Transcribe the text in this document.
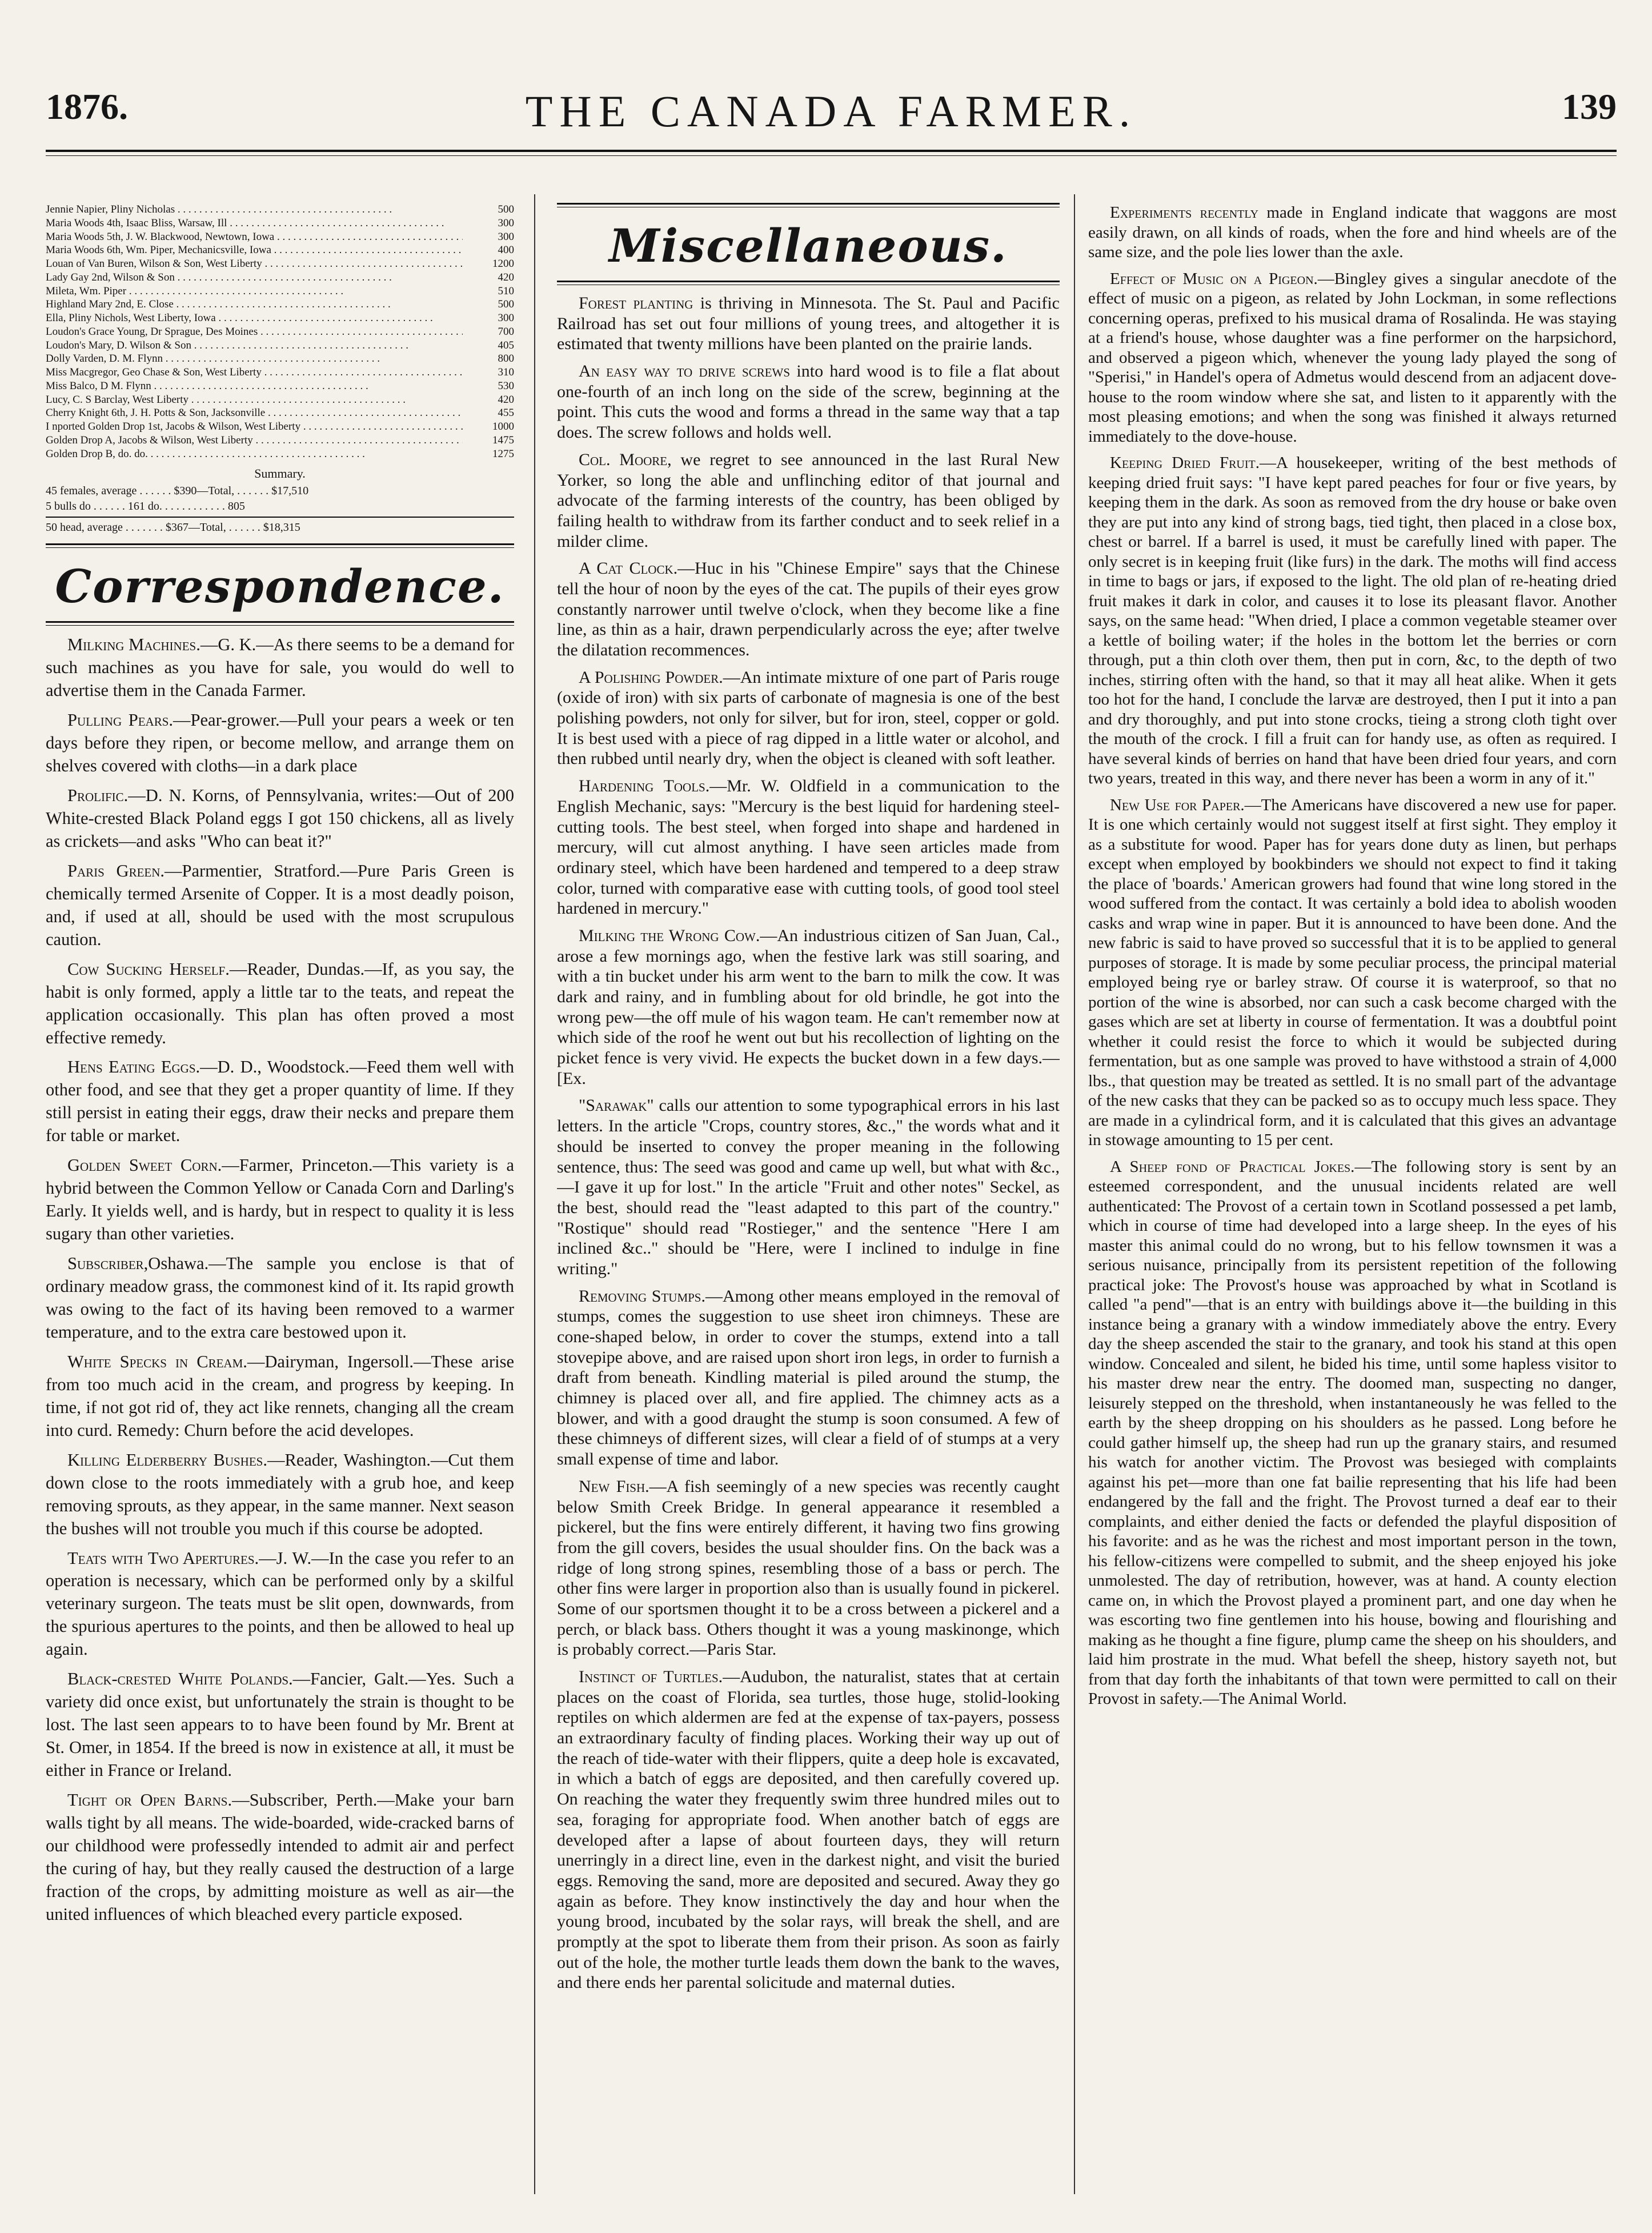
1876.	THE CANADA FARMER.	139
Jennie Napier, Pliny Nicholas . . .	500
Maria Woods 4th, Isaac Bliss, Warsaw, Ill . . .	300
Maria Woods 5th, J. W. Blackwood, Newtown, Iowa . . .	300
Maria Woods 6th, Wm. Piper, Mechanicsville, Iowa . . .	400
Louan of Van Buren, Wilson & Son, West Liberty . . .	1200
Lady Gay 2nd, Wilson & Son . . .	420
Mileta, Wm. Piper . . .	510
Highland Mary 2nd, E. Close . . .	500
Ella, Pliny Nichols, West Liberty, Iowa . . .	300
Loudon's Grace Young, Dr Sprague, Des Moines . . .	700
Loudon's Mary, D. Wilson & Son . . .	405
Dolly Varden, D. M. Flynn . . .	800
Miss Macgregor, Geo Chase & Son, West Liberty . . .	310
Miss Balco, D M. Flynn . . .	530
Lucy, C. S Barclay, West Liberty . . .	420
Cherry Knight 6th, J. H. Potts & Son, Jacksonville . . .	455
I nported Golden Drop 1st, Jacobs & Wilson, West Liberty . . .	1000
Golden Drop A, Jacobs & Wilson, West Liberty . . .	1475
Golden Drop B, do. do. . . .	1275
Summary.
45 females, average . . . . . . $390—Total, . . . . . . $17,510
5 bulls do . . . . . . 161 do. . . . . . . . . . . . 805
50 head, average . . . . . . . $367—Total, . . . . . . $18,315
Correspondence.

Milking Machines.—G. K.—As there seems to be a demand for such machines as you have for sale, you would do well to advertise them in the Canada Farmer.

Pulling Pears.—Pear-grower.—Pull your pears a week or ten days before they ripen, or become mellow, and arrange them on shelves covered with cloths—in a dark place

Prolific.—D. N. Korns, of Pennsylvania, writes:—Out of 200 White-crested Black Poland eggs I got 150 chickens, all as lively as crickets—and asks "Who can beat it?"

Paris Green.—Parmentier, Stratford.—Pure Paris Green is chemically termed Arsenite of Copper. It is a most deadly poison, and, if used at all, should be used with the most scrupulous caution.

Cow Sucking Herself.—Reader, Dundas.—If, as you say, the habit is only formed, apply a little tar to the teats, and repeat the application occasionally. This plan has often proved a most effective remedy.

Hens Eating Eggs.—D. D., Woodstock.—Feed them well with other food, and see that they get a proper quantity of lime. If they still persist in eating their eggs, draw their necks and prepare them for table or market.

Golden Sweet Corn.—Farmer, Princeton.—This variety is a hybrid between the Common Yellow or Canada Corn and Darling's Early. It yields well, and is hardy, but in respect to quality it is less sugary than other varieties.

Subscriber,Oshawa.—The sample you enclose is that of ordinary meadow grass, the commonest kind of it. Its rapid growth was owing to the fact of its having been removed to a warmer temperature, and to the extra care bestowed upon it.

White Specks in Cream.—Dairyman, Ingersoll.—These arise from too much acid in the cream, and progress by keeping. In time, if not got rid of, they act like rennets, changing all the cream into curd. Remedy: Churn before the acid developes.

Killing Elderberry Bushes.—Reader, Washington.—Cut them down close to the roots immediately with a grub hoe, and keep removing sprouts, as they appear, in the same manner. Next season the bushes will not trouble you much if this course be adopted.

Teats with Two Apertures.—J. W.—In the case you refer to an operation is necessary, which can be performed only by a skilful veterinary surgeon. The teats must be slit open, downwards, from the spurious apertures to the points, and then be allowed to heal up again.

Black-crested White Polands.—Fancier, Galt.—Yes. Such a variety did once exist, but unfortunately the strain is thought to be lost. The last seen appears to to have been found by Mr. Brent at St. Omer, in 1854. If the breed is now in existence at all, it must be either in France or Ireland.

Tight or Open Barns.—Subscriber, Perth.—Make your barn walls tight by all means. The wide-boarded, wide-cracked barns of our childhood were professedly intended to admit air and perfect the curing of hay, but they really caused the destruction of a large fraction of the crops, by admitting moisture as well as air—the united influences of which bleached every particle exposed.

Miscellaneous.

Forest planting is thriving in Minnesota. The St. Paul and Pacific Railroad has set out four millions of young trees, and altogether it is estimated that twenty millions have been planted on the prairie lands.

An easy way to drive screws into hard wood is to file a flat about one-fourth of an inch long on the side of the screw, beginning at the point. This cuts the wood and forms a thread in the same way that a tap does. The screw follows and holds well.

Col. Moore, we regret to see announced in the last Rural New Yorker, so long the able and unflinching editor of that journal and advocate of the farming interests of the country, has been obliged by failing health to withdraw from its farther conduct and to seek relief in a milder clime.

A Cat Clock.—Huc in his "Chinese Empire" says that the Chinese tell the hour of noon by the eyes of the cat. The pupils of their eyes grow constantly narrower until twelve o'clock, when they become like a fine line, as thin as a hair, drawn perpendicularly across the eye; after twelve the dilatation recommences.

A Polishing Powder.—An intimate mixture of one part of Paris rouge (oxide of iron) with six parts of carbonate of magnesia is one of the best polishing powders, not only for silver, but for iron, steel, copper or gold. It is best used with a piece of rag dipped in a little water or alcohol, and then rubbed until nearly dry, when the object is cleaned with soft leather.

Hardening Tools.—Mr. W. Oldfield in a communication to the English Mechanic, says: "Mercury is the best liquid for hardening steel-cutting tools. The best steel, when forged into shape and hardened in mercury, will cut almost anything. I have seen articles made from ordinary steel, which have been hardened and tempered to a deep straw color, turned with comparative ease with cutting tools, of good tool steel hardened in mercury."

Milking the Wrong Cow.—An industrious citizen of San Juan, Cal., arose a few mornings ago, when the festive lark was still soaring, and with a tin bucket under his arm went to the barn to milk the cow. It was dark and rainy, and in fumbling about for old brindle, he got into the wrong pew—the off mule of his wagon team. He can't remember now at which side of the roof he went out but his recollection of lighting on the picket fence is very vivid. He expects the bucket down in a few days.—[Ex.

"Sarawak" calls our attention to some typographical errors in his last letters. In the article "Crops, country stores, &c.," the words what and it should be inserted to convey the proper meaning in the following sentence, thus: The seed was good and came up well, but what with &c.,—I gave it up for lost." In the article "Fruit and other notes" Seckel, as the best, should read the "least adapted to this part of the country." "Rostique" should read "Rostieger," and the sentence "Here I am inclined &c.." should be "Here, were I inclined to indulge in fine writing."

Removing Stumps.—Among other means employed in the removal of stumps, comes the suggestion to use sheet iron chimneys. These are cone-shaped below, in order to cover the stumps, extend into a tall stovepipe above, and are raised upon short iron legs, in order to furnish a draft from beneath. Kindling material is piled around the stump, the chimney is placed over all, and fire applied. The chimney acts as a blower, and with a good draught the stump is soon consumed. A few of these chimneys of different sizes, will clear a field of of stumps at a very small expense of time and labor.

New Fish.—A fish seemingly of a new species was recently caught below Smith Creek Bridge. In general appearance it resembled a pickerel, but the fins were entirely different, it having two fins growing from the gill covers, besides the usual shoulder fins. On the back was a ridge of long strong spines, resembling those of a bass or perch. The other fins were larger in proportion also than is usually found in pickerel. Some of our sportsmen thought it to be a cross between a pickerel and a perch, or black bass. Others thought it was a young maskinonge, which is probably correct.—Paris Star.

Instinct of Turtles.—Audubon, the naturalist, states that at certain places on the coast of Florida, sea turtles, those huge, stolid-looking reptiles on which aldermen are fed at the expense of tax-payers, possess an extraordinary faculty of finding places. Working their way up out of the reach of tide-water with their flippers, quite a deep hole is excavated, in which a batch of eggs are deposited, and then carefully covered up. On reaching the water they frequently swim three hundred miles out to sea, foraging for appropriate food. When another batch of eggs are developed after a lapse of about fourteen days, they will return unerringly in a direct line, even in the darkest night, and visit the buried eggs. Removing the sand, more are deposited and secured. Away they go again as before. They know instinctively the day and hour when the young brood, incubated by the solar rays, will break the shell, and are promptly at the spot to liberate them from their prison. As soon as fairly out of the hole, the mother turtle leads them down the bank to the waves, and there ends her parental solicitude and maternal duties.

Experiments recently made in England indicate that waggons are most easily drawn, on all kinds of roads, when the fore and hind wheels are of the same size, and the pole lies lower than the axle.

Effect of Music on a Pigeon.—Bingley gives a singular anecdote of the effect of music on a pigeon, as related by John Lockman, in some reflections concerning operas, prefixed to his musical drama of Rosalinda. He was staying at a friend's house, whose daughter was a fine performer on the harpsichord, and observed a pigeon which, whenever the young lady played the song of "Sperisi," in Handel's opera of Admetus would descend from an adjacent dove-house to the room window where she sat, and listen to it apparently with the most pleasing emotions; and when the song was finished it always returned immediately to the dove-house.

Keeping Dried Fruit.—A housekeeper, writing of the best methods of keeping dried fruit says: "I have kept pared peaches for four or five years, by keeping them in the dark. As soon as removed from the dry house or bake oven they are put into any kind of strong bags, tied tight, then placed in a close box, chest or barrel. If a barrel is used, it must be carefully lined with paper. The only secret is in keeping fruit (like furs) in the dark. The moths will find access in time to bags or jars, if exposed to the light. The old plan of re-heating dried fruit makes it dark in color, and causes it to lose its pleasant flavor. Another says, on the same head: "When dried, I place a common vegetable steamer over a kettle of boiling water; if the holes in the bottom let the berries or corn through, put a thin cloth over them, then put in corn, &c, to the depth of two inches, stirring often with the hand, so that it may all heat alike. When it gets too hot for the hand, I conclude the larvæ are destroyed, then I put it into a pan and dry thoroughly, and put into stone crocks, tieing a strong cloth tight over the mouth of the crock. I fill a fruit can for handy use, as often as required. I have several kinds of berries on hand that have been dried four years, and corn two years, treated in this way, and there never has been a worm in any of it."

New Use for Paper.—The Americans have discovered a new use for paper. It is one which certainly would not suggest itself at first sight. They employ it as a substitute for wood. Paper has for years done duty as linen, but perhaps except when employed by bookbinders we should not expect to find it taking the place of 'boards.' American growers had found that wine long stored in the wood suffered from the contact. It was certainly a bold idea to abolish wooden casks and wrap wine in paper. But it is announced to have been done. And the new fabric is said to have proved so successful that it is to be applied to general purposes of storage. It is made by some peculiar process, the principal material employed being rye or barley straw. Of course it is waterproof, so that no portion of the wine is absorbed, nor can such a cask become charged with the gases which are set at liberty in course of fermentation. It was a doubtful point whether it could resist the force to which it would be subjected during fermentation, but as one sample was proved to have withstood a strain of 4,000 lbs., that question may be treated as settled. It is no small part of the advantage of the new casks that they can be packed so as to occupy much less space. They are made in a cylindrical form, and it is calculated that this gives an advantage in stowage amounting to 15 per cent.

A Sheep fond of Practical Jokes.—The following story is sent by an esteemed correspondent, and the unusual incidents related are well authenticated: The Provost of a certain town in Scotland possessed a pet lamb, which in course of time had developed into a large sheep. In the eyes of his master this animal could do no wrong, but to his fellow townsmen it was a serious nuisance, principally from its persistent repetition of the following practical joke: The Provost's house was approached by what in Scotland is called "a pend"—that is an entry with buildings above it—the building in this instance being a granary with a window immediately above the entry. Every day the sheep ascended the stair to the granary, and took his stand at this open window. Concealed and silent, he bided his time, until some hapless visitor to his master drew near the entry. The doomed man, suspecting no danger, leisurely stepped on the threshold, when instantaneously he was felled to the earth by the sheep dropping on his shoulders as he passed. Long before he could gather himself up, the sheep had run up the granary stairs, and resumed his watch for another victim. The Provost was besieged with complaints against his pet—more than one fat bailie representing that his life had been endangered by the fall and the fright. The Provost turned a deaf ear to their complaints, and either denied the facts or defended the playful disposition of his favorite: and as he was the richest and most important person in the town, his fellow-citizens were compelled to submit, and the sheep enjoyed his joke unmolested. The day of retribution, however, was at hand. A county election came on, in which the Provost played a prominent part, and one day when he was escorting two fine gentlemen into his house, bowing and flourishing and making as he thought a fine figure, plump came the sheep on his shoulders, and laid him prostrate in the mud. What befell the sheep, history sayeth not, but from that day forth the inhabitants of that town were permitted to call on their Provost in safety.—The Animal World.
